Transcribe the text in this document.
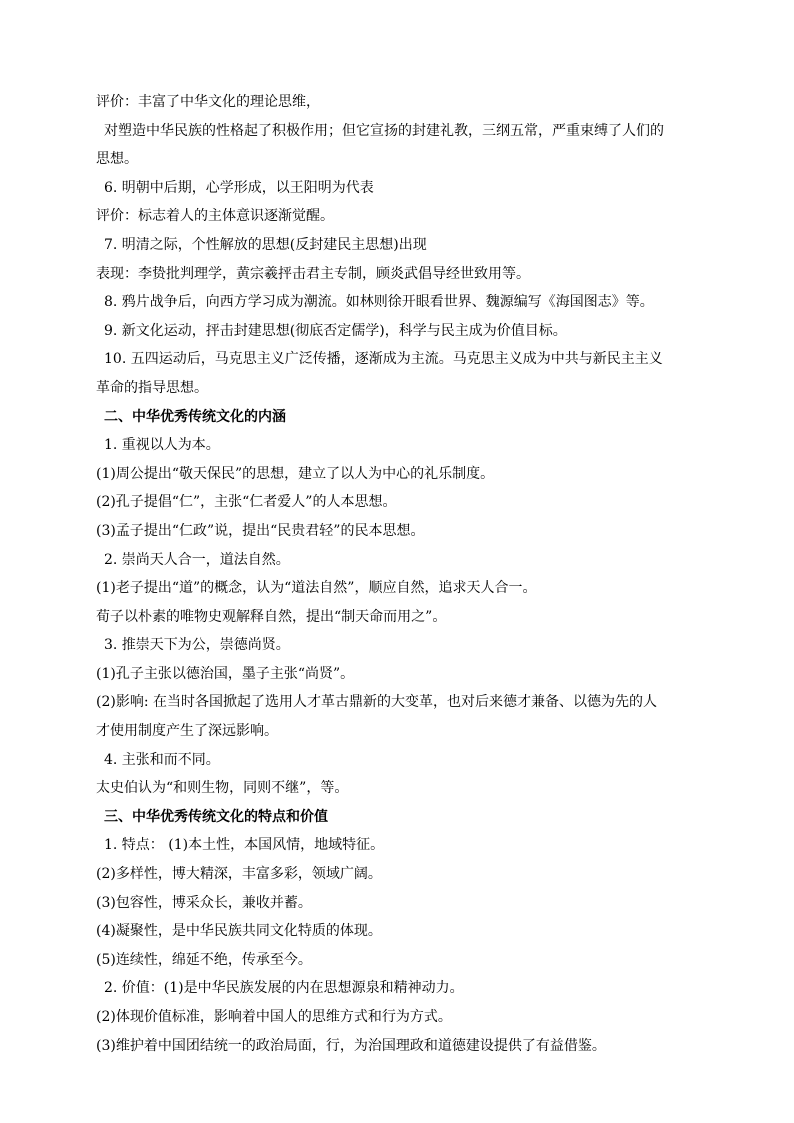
评价：丰富了中华文化的理论思维，

对塑造中华民族的性格起了积极作用；但它宣扬的封建礼教，三纲五常，严重束缚了人们的

思想。

6. 明朝中后期，心学形成，以王阳明为代表

评价：标志着人的主体意识逐渐觉醒。

7. 明清之际，个性解放的思想(反封建民主思想)出现

表现：李贽批判理学，黄宗羲抨击君主专制，顾炎武倡导经世致用等。

8. 鸦片战争后，向西方学习成为潮流。如林则徐开眼看世界、魏源编写《海国图志》等。

9. 新文化运动，抨击封建思想(彻底否定儒学)，科学与民主成为价值目标。

10. 五四运动后，马克思主义广泛传播，逐渐成为主流。马克思主义成为中共与新民主主义

革命的指导思想。

二、中华优秀传统文化的内涵

1. 重视以人为本。

(1)周公提出“敬天保民”的思想，建立了以人为中心的礼乐制度。

(2)孔子提倡“仁”，主张“仁者爱人”的人本思想。

(3)孟子提出“仁政”说，提出“民贵君轻”的民本思想。

2. 崇尚天人合一，道法自然。

(1)老子提出“道”的概念，认为“道法自然”，顺应自然，追求天人合一。

荀子以朴素的唯物史观解释自然，提出“制天命而用之”。

3. 推崇天下为公，崇德尚贤。

(1)孔子主张以德治国，墨子主张“尚贤”。

(2)影响: 在当时各国掀起了选用人才革古鼎新的大变革，也对后来德才兼备、以德为先的人

才使用制度产生了深远影响。

4. 主张和而不同。

太史伯认为“和则生物，同则不继”，等。

三、中华优秀传统文化的特点和价值

1. 特点： (1)本土性，本国风情，地域特征。

(2)多样性，博大精深，丰富多彩，领域广阔。

(3)包容性，博采众长，兼收并蓄。

(4)凝聚性，是中华民族共同文化特质的体现。

(5)连续性，绵延不绝，传承至今。

2. 价值：(1)是中华民族发展的内在思想源泉和精神动力。

(2)体现价值标准，影响着中国人的思维方式和行为方式。

(3)维护着中国团结统一的政治局面，行，为治国理政和道德建设提供了有益借鉴。
